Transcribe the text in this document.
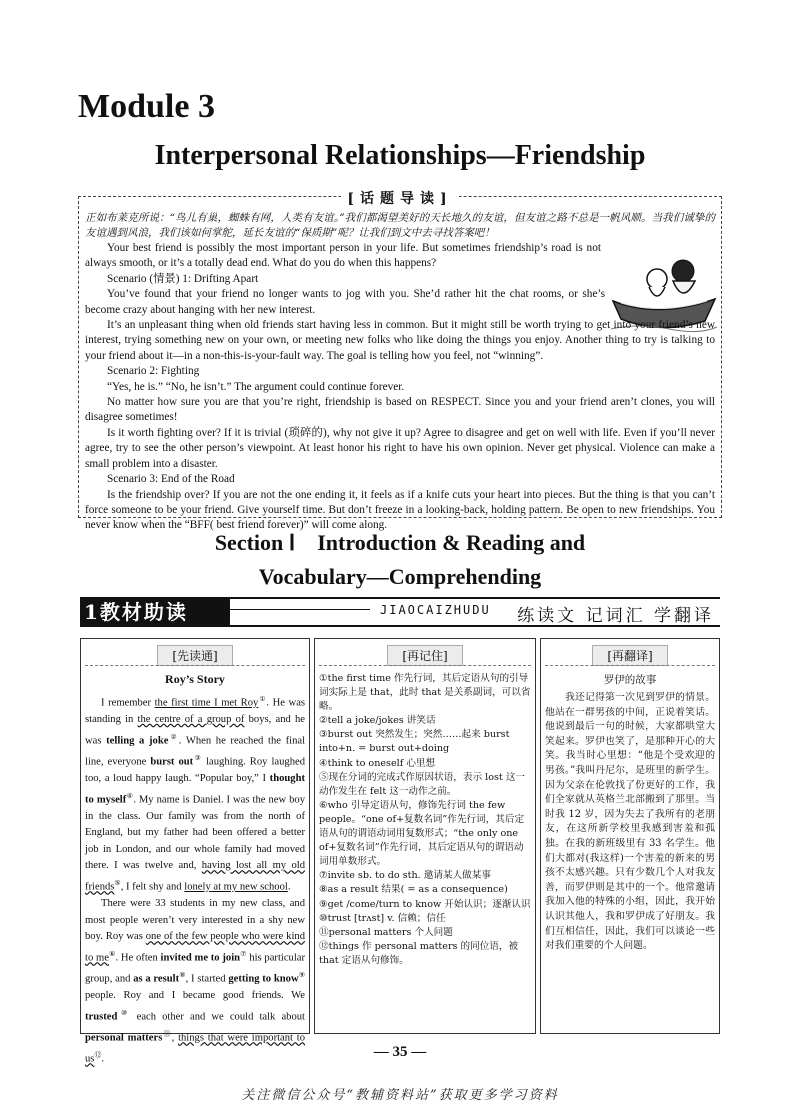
Module 3
Interpersonal Relationships—Friendship
[话题导读]

正如布莱克所说：“鸟儿有巢，蜘蛛有网，人类有友谊。”我们都渴望美好的天长地久的友谊，但友谊之路不总是一帆风顺。当我们诚挚的友谊遇到风浪，我们该如何掌舵，延长友谊的“保质期”呢？让我们到文中去寻找答案吧！

Your best friend is possibly the most important person in your life. But sometimes friendship’s road is not always smooth, or it’s a totally dead end. What do you do when this happens?

Scenario (情景) 1: Drifting Apart

You’ve found that your friend no longer wants to jog with you. She’d rather hit the chat rooms, or she’s become crazy about hanging with her new interest.

It’s an unpleasant thing when old friends start having less in common. But it might still be worth trying to get into your friend’s new interest, trying something new on your own, or meeting new folks who like doing the things you enjoy. Another thing to try is talking to your friend about it—in a non-this-is-your-fault way. The goal is telling how you feel, not “winning”.

Scenario 2: Fighting

“Yes, he is.” “No, he isn’t.” The argument could continue forever.

No matter how sure you are that you’re right, friendship is based on RESPECT. Since you and your friend aren’t clones, you will disagree sometimes!

Is it worth fighting over? If it is trivial (琐碎的), why not give it up? Agree to disagree and get on well with life. Even if you’ll never agree, try to see the other person’s viewpoint. At least honor his right to have his own opinion. Never get physical. Violence can make a small problem into a disaster.

Scenario 3: End of the Road

Is the friendship over? If you are not the one ending it, it feels as if a knife cuts your heart into pieces. But the thing is that you can’t force someone to be your friend. Give yourself time. But don’t freeze in a looking-back, holding pattern. Be open to new friendships. You never know when the “BFF( best friend forever)” will come along.

Section Ⅰ    Introduction & Reading and
Vocabulary—Comprehending
1教材助读	JIAOCAIZHUDU 练读文 记词汇 学翻译
[先读通]
Roy’s Story

I remember the first time I met Roy①. He was standing in the centre of a group of boys, and he was telling a joke②. When he reached the final line, everyone burst out③ laughing. Roy laughed too, a loud happy laugh. “Popular boy,” I thought to myself④. My name is Daniel. I was the new boy in the class. Our family was from the north of England, but my father had been offered a better job in London, and our whole family had moved there. I was twelve and, having lost all my old friends⑤, I felt shy and lonely at my new school.

There were 33 students in my new class, and most people weren’t very interested in a shy new boy. Roy was one of the few people who were kind to me⑥. He often invited me to join⑦ his particular group, and as a result⑧, I started getting to know⑨ people. Roy and I became good friends. We trusted⑩ each other and we could talk about personal matters⑪, things that were important to us⑫.

[再记住]

①the first time 作先行词，其后定语从句的引导词实际上是 that，此时 that 是关系副词，可以省略。

②tell a joke/jokes 讲笑话

③burst out 突然发生；突然……起来 burst into+n. = burst out+doing

④think to oneself 心里想

⑤现在分词的完成式作原因状语，表示 lost 这一动作发生在 felt 这一动作之前。

⑥who 引导定语从句，修饰先行词 the few people。“one of+复数名词”作先行词，其后定语从句的谓语动词用复数形式；“the only one of+复数名词”作先行词，其后定语从句的谓语动词用单数形式。

⑦invite sb. to do sth. 邀请某人做某事

⑧as a result 结果( = as a consequence)

⑨get /come/turn to know 开始认识；逐渐认识

⑩trust [trʌst] v. 信赖；信任

⑪personal matters 个人问题

⑫things 作 personal matters 的同位语，被 that 定语从句修饰。

[再翻译]
罗伊的故事
我还记得第一次见到罗伊的情景。他站在一群男孩的中间，正说着笑话。他说到最后一句的时候，大家都哄堂大笑起来。罗伊也笑了，是那种开心的大笑。我当时心里想：“他是个受欢迎的男孩。”我叫丹尼尔，是班里的新学生。因为父亲在伦敦找了份更好的工作，我们全家就从英格兰北部搬到了那里。当时我 12 岁，因为失去了我所有的老朋友，在这所新学校里我感到害羞和孤独。在我的新班级里有 33 名学生。他们大都对(我这样)一个害羞的新来的男孩不太感兴趣。只有少数几个人对我友善，而罗伊则是其中的一个。他常邀请我加入他的特殊的小组，因此，我开始认识其他人，我和罗伊成了好朋友。我们互相信任，因此，我们可以谈论一些对我们重要的个人问题。
— 35 —
关注微信公众号“教辅资料站”获取更多学习资料
